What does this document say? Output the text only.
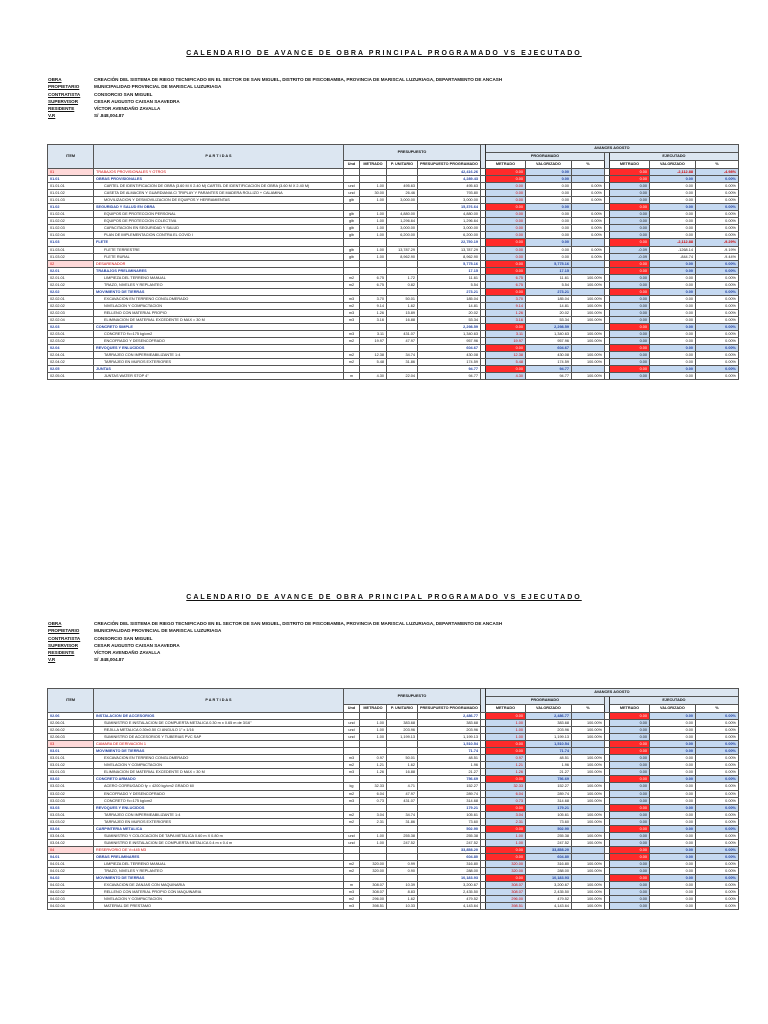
CALENDARIO DE AVANCE DE OBRA PRINCIPAL PROGRAMADO VS EJECUTADO
OBRA	CREACIÓN DEL SISTEMA DE RIEGO TECNIFICADO EN EL SECTOR DE SAN MIGUEL, DISTRITO DE PISCOBAMBA, PROVINCIA DE MARISCAL LUZURIAGA, DEPARTAMENTO DE ANCASH
PROPIETARIO	MUNICIPALIDAD PROVINCIAL DE MARISCAL LUZURIAGA
CONTRATISTA	CONSORCIO SAN MIGUEL
SUPERVISOR	CESAR AUGUSTO CAISAN SAAVEDRA
RESIDENTE	VÍCTOR AVENDAÑO ZAVALLA
V.R	S/ .848,004.87
ITEM	P A R T I D A S	PRESUPUESTO					AVANCES AGOSTO						
							PROGRAMADO				EJECUTADO		
		Und	METRADO	P. UNITARIO	PRESUPUESTO PROGRAMADO		METRADO	VALORIZADO	%		METRADO	VALORIZADO	%
01	TRABAJOS PROVISIONALES Y OTROS				42,416.26		0.00	0.00			0.00	-2,112.88	-4.98%
01.01	OBRAS PROVISIONALES				4,289.43		0.00	0.00			0.00	0.00	0.00%
01.01.01	CARTEL DE IDENTIFICACION DE OBRA (3.60 M X 2.40 M) CARTEL DE IDENTIFICACION DE OBRA (3.60 M X 2.40 M)	und	1.00	495.63	495.63		0.00	0.00	0.00%		0.00	0.00	0.00%
01.01.02	CASETA DE ALMACEN Y GUARDIANIA C/ TRIPLAY Y PARANTES DE MADERA ROLLIZO + CALAMINA	und	30.00	26.46	793.80		0.00	0.00	0.00%		0.00	0.00	0.00%
01.01.03	MOVILIZACION Y DESMOVILIZACION DE EQUIPOS Y HERRAMIENTAS	glb	1.00	3,000.00	3,000.00		0.00	0.00	0.00%		0.00	0.00	0.00%
01.02	SEGURIDAD Y SALUD EN OBRA				15,376.64		0.00	0.00			0.00	0.00	0.00%
01.02.01	EQUIPOS DE PROTECCION PERSONAL	glb	1.00	4,880.00	4,880.00		0.00	0.00	0.00%		0.00	0.00	0.00%
01.02.02	EQUIPOS DE PROTECCION COLECTIVA	glb	1.00	1,296.64	1,296.64		0.00	0.00	0.00%		0.00	0.00	0.00%
01.02.03	CAPACITACION EN SEGURIDAD Y SALUD	glb	1.00	3,000.00	3,000.00		0.00	0.00	0.00%		0.00	0.00	0.00%
01.02.04	PLAN DE IMPLEMENTACION CONTRA EL COVID I	glb	1.00	6,200.00	6,200.00		0.00	0.00	0.00%		0.00	0.00	0.00%
01.03	FLETE				22,750.19		0.00	0.00			0.00	-2,112.88	-9.29%
01.03.01	FLETE TERRESTRE	glb	1.00	13,787.29	13,787.29		0.00	0.00	0.00%		-0.09	-1268.14	-9.19%
01.03.02	FLETE RURAL	glb	1.00	8,962.90	8,962.90		0.00	0.00	0.00%		-0.09	-844.74	-9.44%
02	DESARENADOR				5,775.16		0.00	5,775.16			0.00	0.00	0.00%
02.01	TRABAJOS PRELIMINARES				17.15		0.00	17.15			0.00	0.00	0.00%
02.01.01	LIMPIEZA DEL TERRENO MANUAL	m2	6.75	1.72	11.61		6.75	11.61	100.00%		0.00	0.00	0.00%
02.01.02	TRAZO, NIVELES Y REPLANTEO	m2	6.75	0.82	5.54		6.75	5.54	100.00%		0.00	0.00	0.00%
02.02	MOVIMIENTO DE TIERRAS				273.21		0.00	273.21			0.00	0.00	0.00%
02.02.01	EXCAVACION EN TERRENO CONGLOMERADO	m3	3.70	50.01	185.04		3.70	185.04	100.00%		0.00	0.00	0.00%
02.02.02	NIVELACION Y COMPACTACION	m2	9.14	1.62	14.81		9.14	14.81	100.00%		0.00	0.00	0.00%
02.02.03	RELLENO CON MATERIAL PROPIO	m3	1.26	15.89	20.02		1.26	20.02	100.00%		0.00	0.00	0.00%
02.02.04	ELIMINACION DE MATERIAL EXCEDENTE D MAX = 30 M	m3	3.16	16.88	53.34		3.16	53.34	100.00%		0.00	0.00	0.00%
02.03	CONCRETO SIMPLE				2,298.59		0.00	2,298.59			0.00	0.00	0.00%
02.03.01	CONCRETO f'c=175 kg/cm2	m3	3.11	431.07	1,340.63		3.11	1,340.63	100.00%		0.00	0.00	0.00%
02.03.02	ENCOFRADO Y DESENCOFRADO	m2	19.97	47.97	957.96		19.97	957.96	100.00%		0.00	0.00	0.00%
02.04	REVOQUES Y ENLUCIDOS				604.67		0.00	604.67			0.00	0.00	0.00%
02.04.01	TARRAJEO CON IMPERMEABILIZANTE 1:4	m2	12.38	34.74	430.08		12.38	430.08	100.00%		0.00	0.00	0.00%
02.04.02	TARRAJEO EN MUROS EXTERIORES	m2	5.48	31.86	174.59		5.48	174.59	100.00%		0.00	0.00	0.00%
02.05	JUNTAS				94.77		0.00	94.77			0.00	0.00	0.00%
02.05.01	JUNTAS WATER STOP 4"	m	4.30	22.04	94.77		4.30	94.77	100.00%		0.00	0.00	0.00%
CALENDARIO DE AVANCE DE OBRA PRINCIPAL PROGRAMADO VS EJECUTADO
OBRA	CREACIÓN DEL SISTEMA DE RIEGO TECNIFICADO EN EL SECTOR DE SAN MIGUEL, DISTRITO DE PISCOBAMBA, PROVINCIA DE MARISCAL LUZURIAGA, DEPARTAMENTO DE ANCASH
PROPIETARIO	MUNICIPALIDAD PROVINCIAL DE MARISCAL LUZURIAGA
CONTRATISTA	CONSORCIO SAN MIGUEL
SUPERVISOR	CESAR AUGUSTO CAISAN SAAVEDRA
RESIDENTE	VÍCTOR AVENDAÑO ZAVALLA
V.R	S/ .848,004.87
ITEM	P A R T I D A S	PRESUPUESTO					AVANCES AGOSTO						
							PROGRAMADO				EJECUTADO		
		Und	METRADO	P. UNITARIO	PRESUPUESTO PROGRAMADO		METRADO	VALORIZADO	%		METRADO	VALORIZADO	%
02.06	INSTALACION DE ACCESORIOS				2,486.77		0.00	2,486.77			0.00	0.00	0.00%
02.06.01	SUMINISTRO E INSTALACION DE COMPUERTA METALICA 0.30 m x 0.65 m de 3/16"	und	1.00	383.68	383.68		1.00	383.68	100.00%		0.00	0.00	0.00%
02.06.02	REJILLA METALICA 0.30x0.50 C/ ANGULO 1" x 1/16	und	1.00	203.96	203.96		1.00	203.96	100.00%		0.00	0.00	0.00%
02.06.03	SUMINISTRO DE ACCESORIOS Y TUBERIAS PVC SAP	und	1.00	1,199.13	1,199.13		1.00	1,199.13	100.00%		0.00	0.00	0.00%
03	CAMARA DE DERIVACION 1				1,510.54		0.00	1,510.54			0.00	0.00	0.00%
03.01	MOVIMIENTO DE TIERRAS				71.74		0.00	71.74			0.00	0.00	0.00%
03.01.01	EXCAVACION EN TERRENO CONGLOMERADO	m3	0.97	50.01	48.51		0.97	48.51	100.00%		0.00	0.00	0.00%
03.01.02	NIVELACION Y COMPACTACION	m2	1.21	1.62	1.96		1.21	1.96	100.00%		0.00	0.00	0.00%
03.01.03	ELIMINACION DE MATERIAL EXCEDENTE D MAX = 30 M	m3	1.26	16.88	21.27		1.26	21.27	100.00%		0.00	0.00	0.00%
03.02	CONCRETO ARMADO				756.69		0.00	756.69			0.00	0.00	0.00%
03.02.01	ACERO CORRUGADO fy = 4200 kg/cm2 GRADO 60	kg	32.33	4.71	152.27		32.33	152.27	100.00%		0.00	0.00	0.00%
03.02.02	ENCOFRADO Y DESENCOFRADO	m2	6.04	47.97	289.74		6.04	289.74	100.00%		0.00	0.00	0.00%
03.02.03	CONCRETO f'c=175 kg/cm2	m3	0.73	431.07	314.68		0.73	314.68	100.00%		0.00	0.00	0.00%
03.03	REVOQUES Y ENLUCIDOS				179.21		0.00	179.21			0.00	0.00	0.00%
03.03.01	TARRAJEO CON IMPERMEABILIZANTE 1:4	m2	3.04	34.74	105.61		3.04	105.61	100.00%		0.00	0.00	0.00%
03.03.02	TARRAJEO EN MUROS EXTERIORES	m2	2.31	31.86	73.60		2.31	73.60	100.00%		0.00	0.00	0.00%
03.04	CARPINTERIA METALICA				502.90		0.00	502.90			0.00	0.00	0.00%
03.04.01	SUMINISTRO Y COLOCACION DE TAPA METALICA 0.60 m X 0.80 m	und	1.00	255.38	255.38		1.00	255.38	100.00%		0.00	0.00	0.00%
03.04.02	SUMINISTRO E INSTALACION DE COMPUERTA METALICA 0.4 m x 0.4 m	und	1.00	247.52	247.52		1.00	247.52	100.00%		0.00	0.00	0.00%
04	RESERVORIO DE V=445 M3				33,858.20		0.00	33,858.20			0.00	0.00	0.00%
04.01	OBRAS PRELIMINARES				604.80		0.00	604.80			0.00	0.00	0.00%
04.01.01	LIMPIEZA DEL TERRENO MANUAL	m2	320.00	0.99	316.80		320.00	316.80	100.00%		0.00	0.00	0.00%
04.01.02	TRAZO, NIVELES Y REPLANTEO	m2	320.00	0.90	288.00		320.00	288.00	100.00%		0.00	0.00	0.00%
04.02	MOVIMIENTO DE TIERRAS				10,183.93		0.00	10,183.93			0.00	0.00	0.00%
04.02.01	EXCAVACION DE ZANJAS CON MAQUINARIA	m	308.07	10.39	3,200.67		308.07	3,200.67	100.00%		0.00	0.00	0.00%
04.02.02	RELLENO CON MATERIAL PROPIO CON MAQUINARIA	m3	308.07	8.83	2,435.50		308.07	2,435.50	100.00%		0.00	0.00	0.00%
04.02.03	NIVELACION Y COMPACTACION	m2	296.00	1.62	479.52		296.00	479.52	100.00%		0.00	0.00	0.00%
04.02.04	MATERIAL DE PRESTAMO	m3	398.51	10.33	4,143.64		398.51	4,143.64	100.00%		0.00	0.00	0.00%
